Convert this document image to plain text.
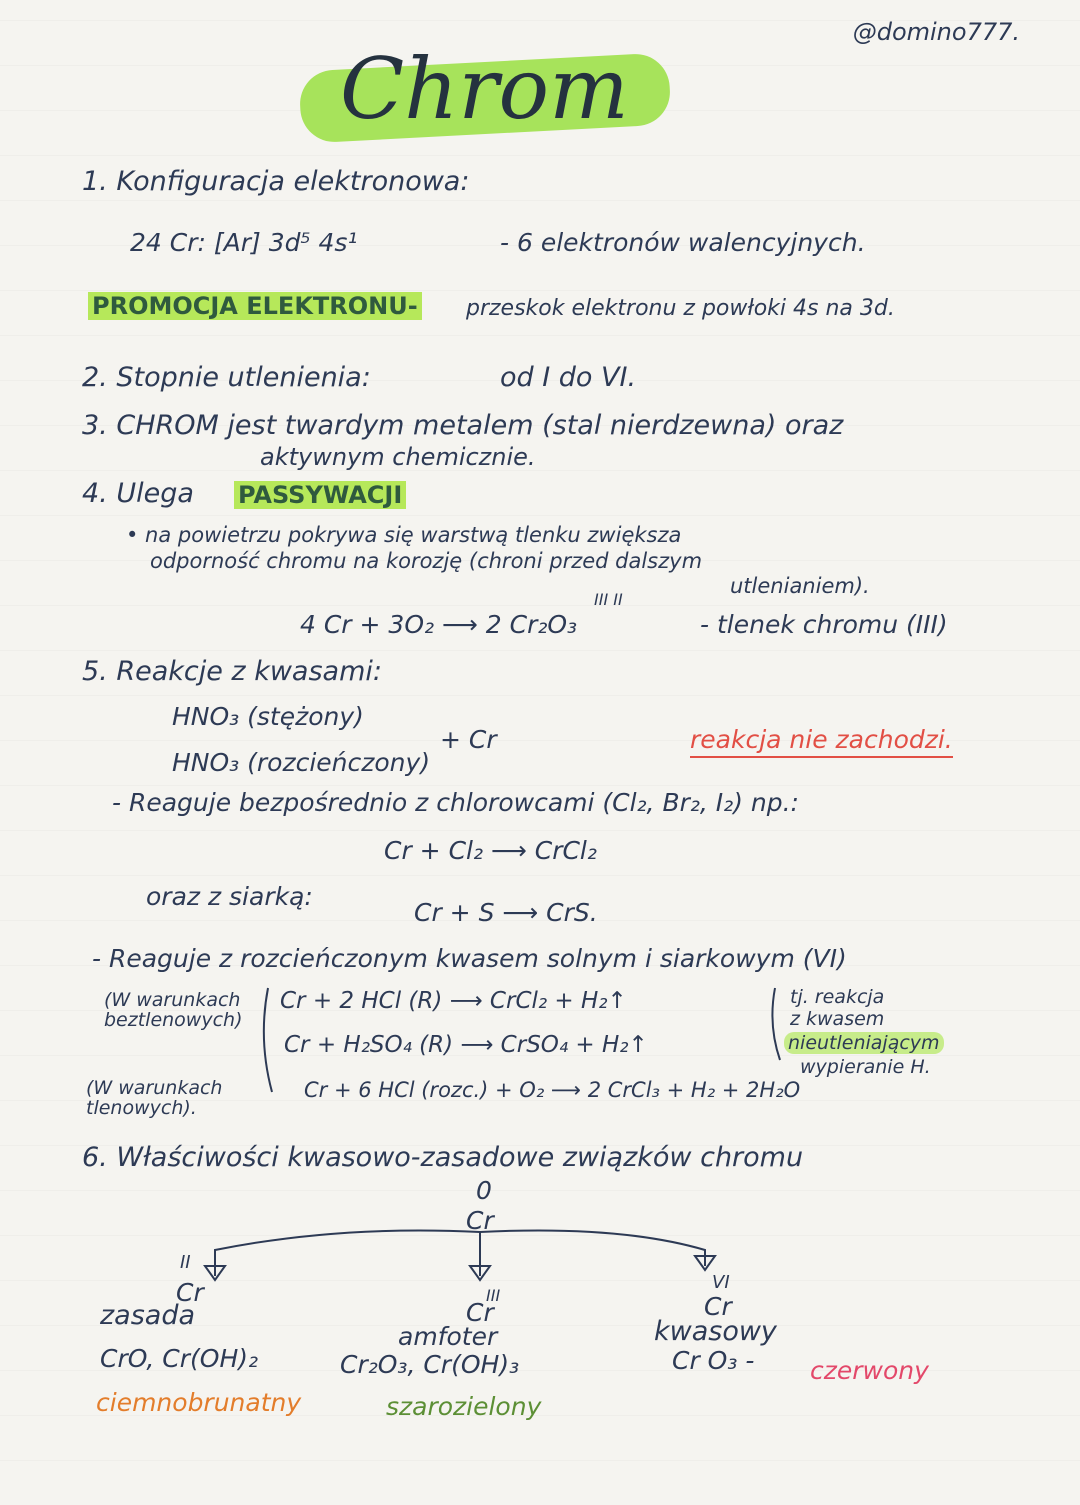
@domino777.
Chrom
1. Konfiguracja elektronowa:
24 Cr: [Ar] 3d⁵ 4s¹	- 6 elektronów walencyjnych.
PROMOCJA ELEKTRONU- przeskok elektronu z powłoki 4s na 3d.
2. Stopnie utlenienia:	od I do VI.
3. CHROM jest twardym metalem (stal nierdzewna) oraz
aktywnym chemicznie.
4. Ulega PASSYWACJI
• na powietrzu pokrywa się warstwą tlenku zwiększa
odporność chromu na korozję (chroni przed dalszym
utlenianiem).
III II
4 Cr + 3O₂ ⟶ 2 Cr₂O₃	- tlenek chromu (III)
5. Reakcje z kwasami:
HNO₃ (stężony)
HNO₃ (rozcieńczony)
+ Cr	reakcja nie zachodzi.
- Reaguje bezpośrednio z chlorowcami (Cl₂, Br₂, I₂) np.:
Cr + Cl₂ ⟶ CrCl₂
oraz z siarką:
Cr + S ⟶ CrS.
- Reaguje z rozcieńczonym kwasem solnym i siarkowym (VI)
(W warunkach beztlenowych)
Cr + 2 HCl (R) ⟶ CrCl₂ + H₂↑
Cr + H₂SO₄ (R) ⟶ CrSO₄ + H₂↑
(W warunkach tlenowych).
Cr + 6 HCl (rozc.) + O₂ ⟶ 2 CrCl₃ + H₂ + 2H₂O
tj. reakcja
z kwasem
nieutleniającym
wypieranie H.
6. Właściwości kwasowo-zasadowe związków chromu
0
Cr
II
Cr
zasada
CrO, Cr(OH)₂
ciemnobrunatny
III
Cr
amfoter
Cr₂O₃, Cr(OH)₃
szarozielony
VI
Cr
kwasowy
Cr O₃ - czerwony
